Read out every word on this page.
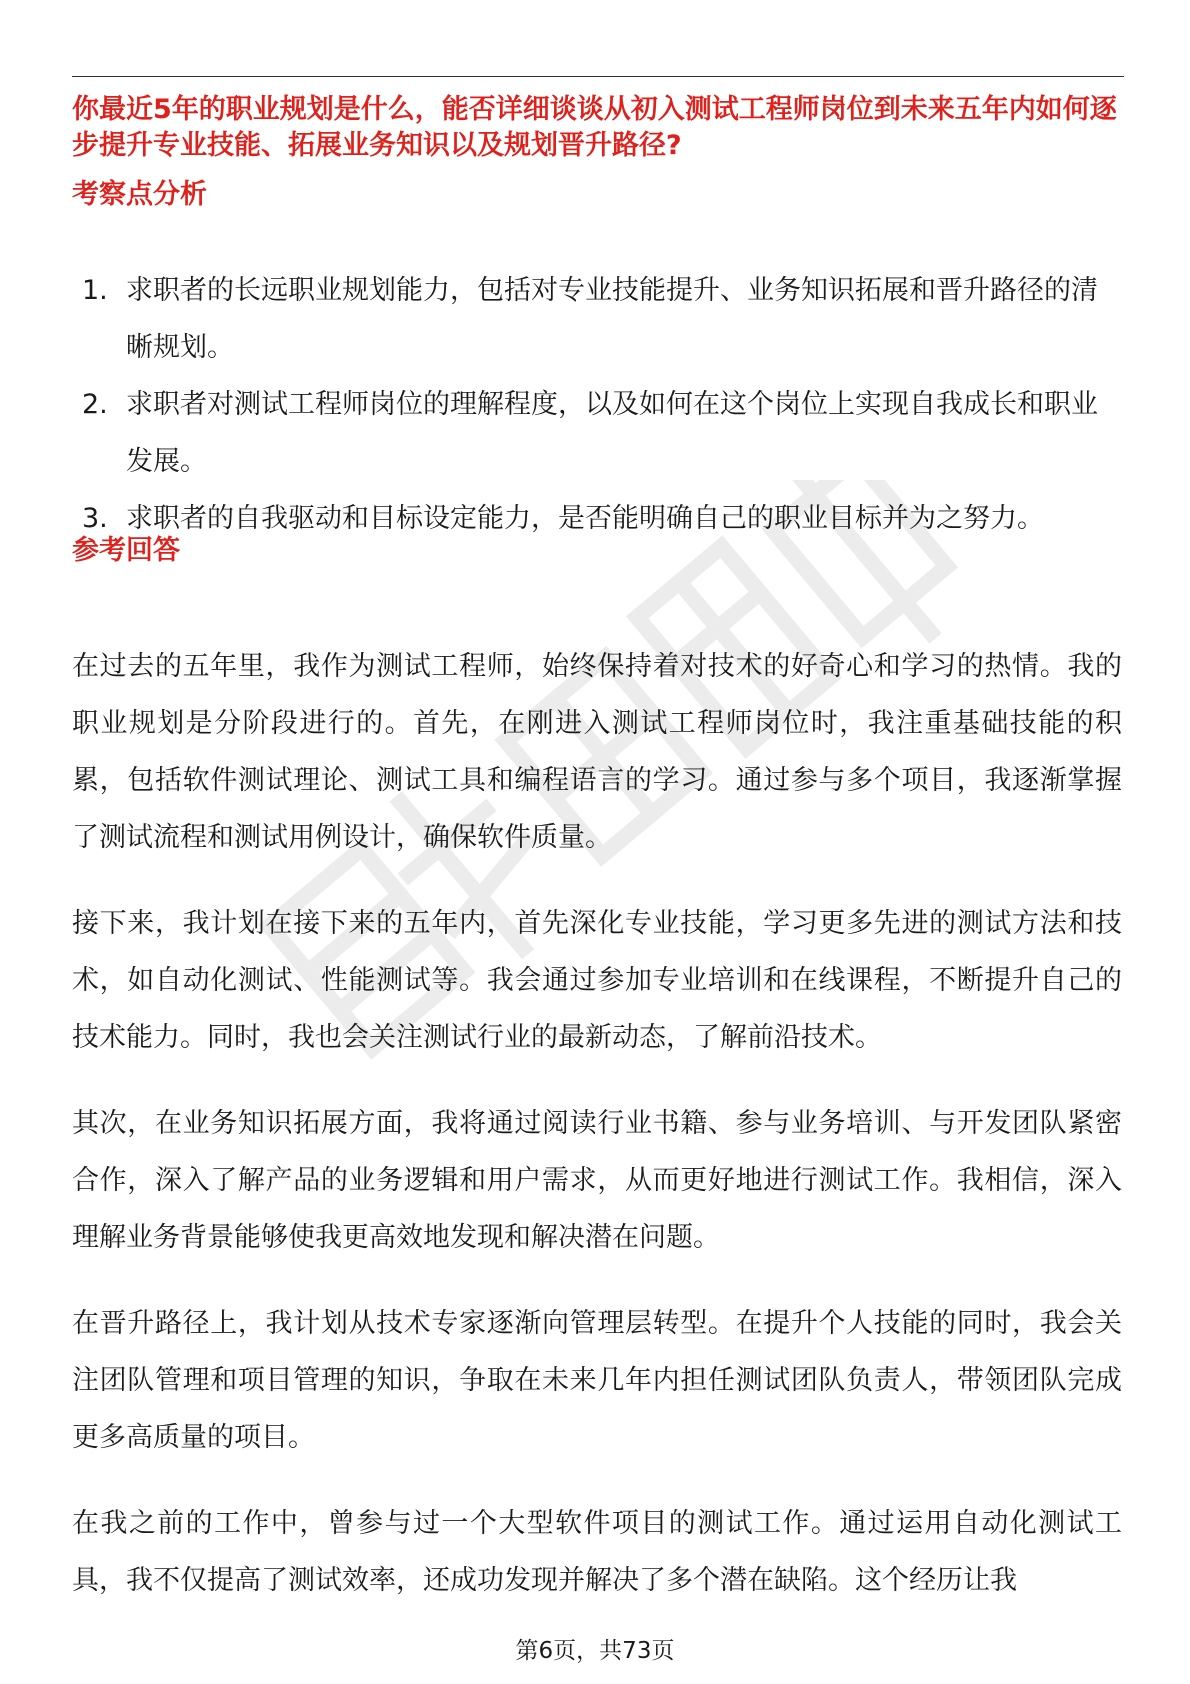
你最近5年的职业规划是什么，能否详细谈谈从初入测试工程师岗位到未来五年内如何逐步提升专业技能、拓展业务知识以及规划晋升路径?
考察点分析
1. 求职者的长远职业规划能力，包括对专业技能提升、业务知识拓展和晋升路径的清晰规划。
2. 求职者对测试工程师岗位的理解程度，以及如何在这个岗位上实现自我成长和职业发展。
3. 求职者的自我驱动和目标设定能力，是否能明确自己的职业目标并为之努力。
参考回答

在过去的五年里，我作为测试工程师，始终保持着对技术的好奇心和学习的热情。我的职业规划是分阶段进行的。首先，在刚进入测试工程师岗位时，我注重基础技能的积累，包括软件测试理论、测试工具和编程语言的学习。通过参与多个项目，我逐渐掌握了测试流程和测试用例设计，确保软件质量。

接下来，我计划在接下来的五年内，首先深化专业技能，学习更多先进的测试方法和技术，如自动化测试、性能测试等。我会通过参加专业培训和在线课程，不断提升自己的技术能力。同时，我也会关注测试行业的最新动态，了解前沿技术。

其次，在业务知识拓展方面，我将通过阅读行业书籍、参与业务培训、与开发团队紧密合作，深入了解产品的业务逻辑和用户需求，从而更好地进行测试工作。我相信，深入理解业务背景能够使我更高效地发现和解决潜在问题。

在晋升路径上，我计划从技术专家逐渐向管理层转型。在提升个人技能的同时，我会关注团队管理和项目管理的知识，争取在未来几年内担任测试团队负责人，带领团队完成更多高质量的项目。

在我之前的工作中，曾参与过一个大型软件项目的测试工作。通过运用自动化测试工具，我不仅提高了测试效率，还成功发现并解决了多个潜在缺陷。这个经历让我

第6页，共73页
